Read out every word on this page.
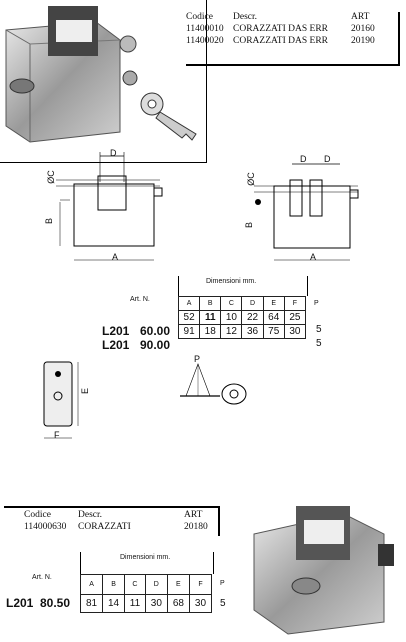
Codice Descr.	ART
11400010 CORAZZATI DAS ERR 20160
11400020 CORAZZATI DAS ERR 20190
D
ØC
B
A
D D
ØC
B
A
Dimensioni mm.
Art. N.
P
A	B	C	D	E	F
52	11	10	22	64	25
91	18	12	36	75	30
L201 60.00
L201 90.00
5
5
E
F
P
Codice	Descr.	ART
114000630 CORAZZATI	20180
Dimensioni mm.
Art. N.
P
A	B	C	D	E	F
81	14	11	30	68	30
L201 80.50	5
